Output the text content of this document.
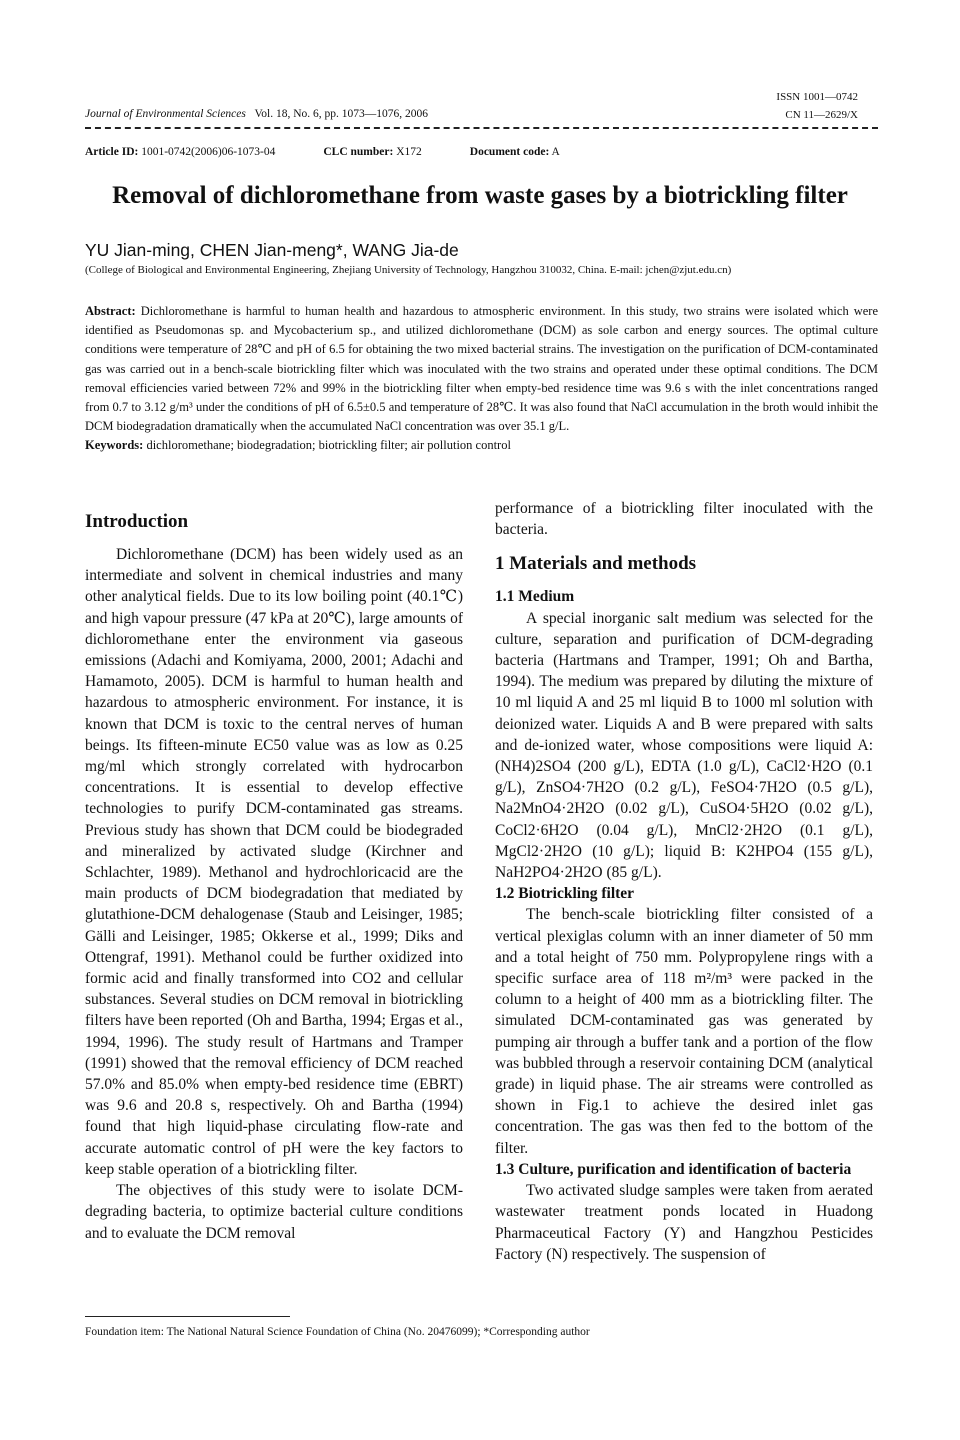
Journal of Environmental Sciences Vol. 18, No. 6, pp. 1073—1076, 2006
ISSN 1001—0742
CN 11—2629/X
Article ID: 1001-0742(2006)06-1073-04	CLC number: X172	Document code: A
Removal of dichloromethane from waste gases by a biotrickling filter
YU Jian-ming, CHEN Jian-meng*, WANG Jia-de
(College of Biological and Environmental Engineering, Zhejiang University of Technology, Hangzhou 310032, China. E-mail: jchen@zjut.edu.cn)
Abstract: Dichloromethane is harmful to human health and hazardous to atmospheric environment. In this study, two strains were isolated which were identified as Pseudomonas sp. and Mycobacterium sp., and utilized dichloromethane (DCM) as sole carbon and energy sources. The optimal culture conditions were temperature of 28℃ and pH of 6.5 for obtaining the two mixed bacterial strains. The investigation on the purification of DCM-contaminated gas was carried out in a bench-scale biotrickling filter which was inoculated with the two strains and operated under these optimal conditions. The DCM removal efficiencies varied between 72% and 99% in the biotrickling filter when empty-bed residence time was 9.6 s with the inlet concentrations ranged from 0.7 to 3.12 g/m³ under the conditions of pH of 6.5±0.5 and temperature of 28℃. It was also found that NaCl accumulation in the broth would inhibit the DCM biodegradation dramatically when the accumulated NaCl concentration was over 35.1 g/L.
Keywords: dichloromethane; biodegradation; biotrickling filter; air pollution control
Introduction

Dichloromethane (DCM) has been widely used as an intermediate and solvent in chemical industries and many other analytical fields. Due to its low boiling point (40.1℃) and high vapour pressure (47 kPa at 20℃), large amounts of dichloromethane enter the environment via gaseous emissions (Adachi and Komiyama, 2000, 2001; Adachi and Hamamoto, 2005). DCM is harmful to human health and hazardous to atmospheric environment. For instance, it is known that DCM is toxic to the central nerves of human beings. Its fifteen-minute EC50 value was as low as 0.25 mg/ml which strongly correlated with hydrocarbon concentrations. It is essential to develop effective technologies to purify DCM-contaminated gas streams. Previous study has shown that DCM could be biodegraded and mineralized by activated sludge (Kirchner and Schlachter, 1989). Methanol and hydrochloricacid are the main products of DCM biodegradation that mediated by glutathione-DCM dehalogenase (Staub and Leisinger, 1985; Gälli and Leisinger, 1985; Okkerse et al., 1999; Diks and Ottengraf, 1991). Methanol could be further oxidized into formic acid and finally transformed into CO2 and cellular substances. Several studies on DCM removal in biotrickling filters have been reported (Oh and Bartha, 1994; Ergas et al., 1994, 1996). The study result of Hartmans and Tramper (1991) showed that the removal efficiency of DCM reached 57.0% and 85.0% when empty-bed residence time (EBRT) was 9.6 and 20.8 s, respectively. Oh and Bartha (1994) found that high liquid-phase circulating flow-rate and accurate automatic control of pH were the key factors to keep stable operation of a biotrickling filter.

The objectives of this study were to isolate DCM-degrading bacteria, to optimize bacterial culture conditions and to evaluate the DCM removal

performance of a biotrickling filter inoculated with the bacteria.

1 Materials and methods
1.1 Medium

A special inorganic salt medium was selected for the culture, separation and purification of DCM-degrading bacteria (Hartmans and Tramper, 1991; Oh and Bartha, 1994). The medium was prepared by diluting the mixture of 10 ml liquid A and 25 ml liquid B to 1000 ml solution with deionized water. Liquids A and B were prepared with salts and de-ionized water, whose compositions were liquid A: (NH4)2SO4 (200 g/L), EDTA (1.0 g/L), CaCl2·H2O (0.1 g/L), ZnSO4·7H2O (0.2 g/L), FeSO4·7H2O (0.5 g/L), Na2MnO4·2H2O (0.02 g/L), CuSO4·5H2O (0.02 g/L), CoCl2·6H2O (0.04 g/L), MnCl2·2H2O (0.1 g/L), MgCl2·2H2O (10 g/L); liquid B: K2HPO4 (155 g/L), NaH2PO4·2H2O (85 g/L).

1.2 Biotrickling filter

The bench-scale biotrickling filter consisted of a vertical plexiglas column with an inner diameter of 50 mm and a total height of 750 mm. Polypropylene rings with a specific surface area of 118 m²/m³ were packed in the column to a height of 400 mm as a biotrickling filter. The simulated DCM-contaminated gas was generated by pumping air through a buffer tank and a portion of the flow was bubbled through a reservoir containing DCM (analytical grade) in liquid phase. The air streams were controlled as shown in Fig.1 to achieve the desired inlet gas concentration. The gas was then fed to the bottom of the filter.

1.3 Culture, purification and identification of bacteria

Two activated sludge samples were taken from aerated wastewater treatment ponds located in Huadong Pharmaceutical Factory (Y) and Hangzhou Pesticides Factory (N) respectively. The suspension of

Foundation item: The National Natural Science Foundation of China (No. 20476099); *Corresponding author
